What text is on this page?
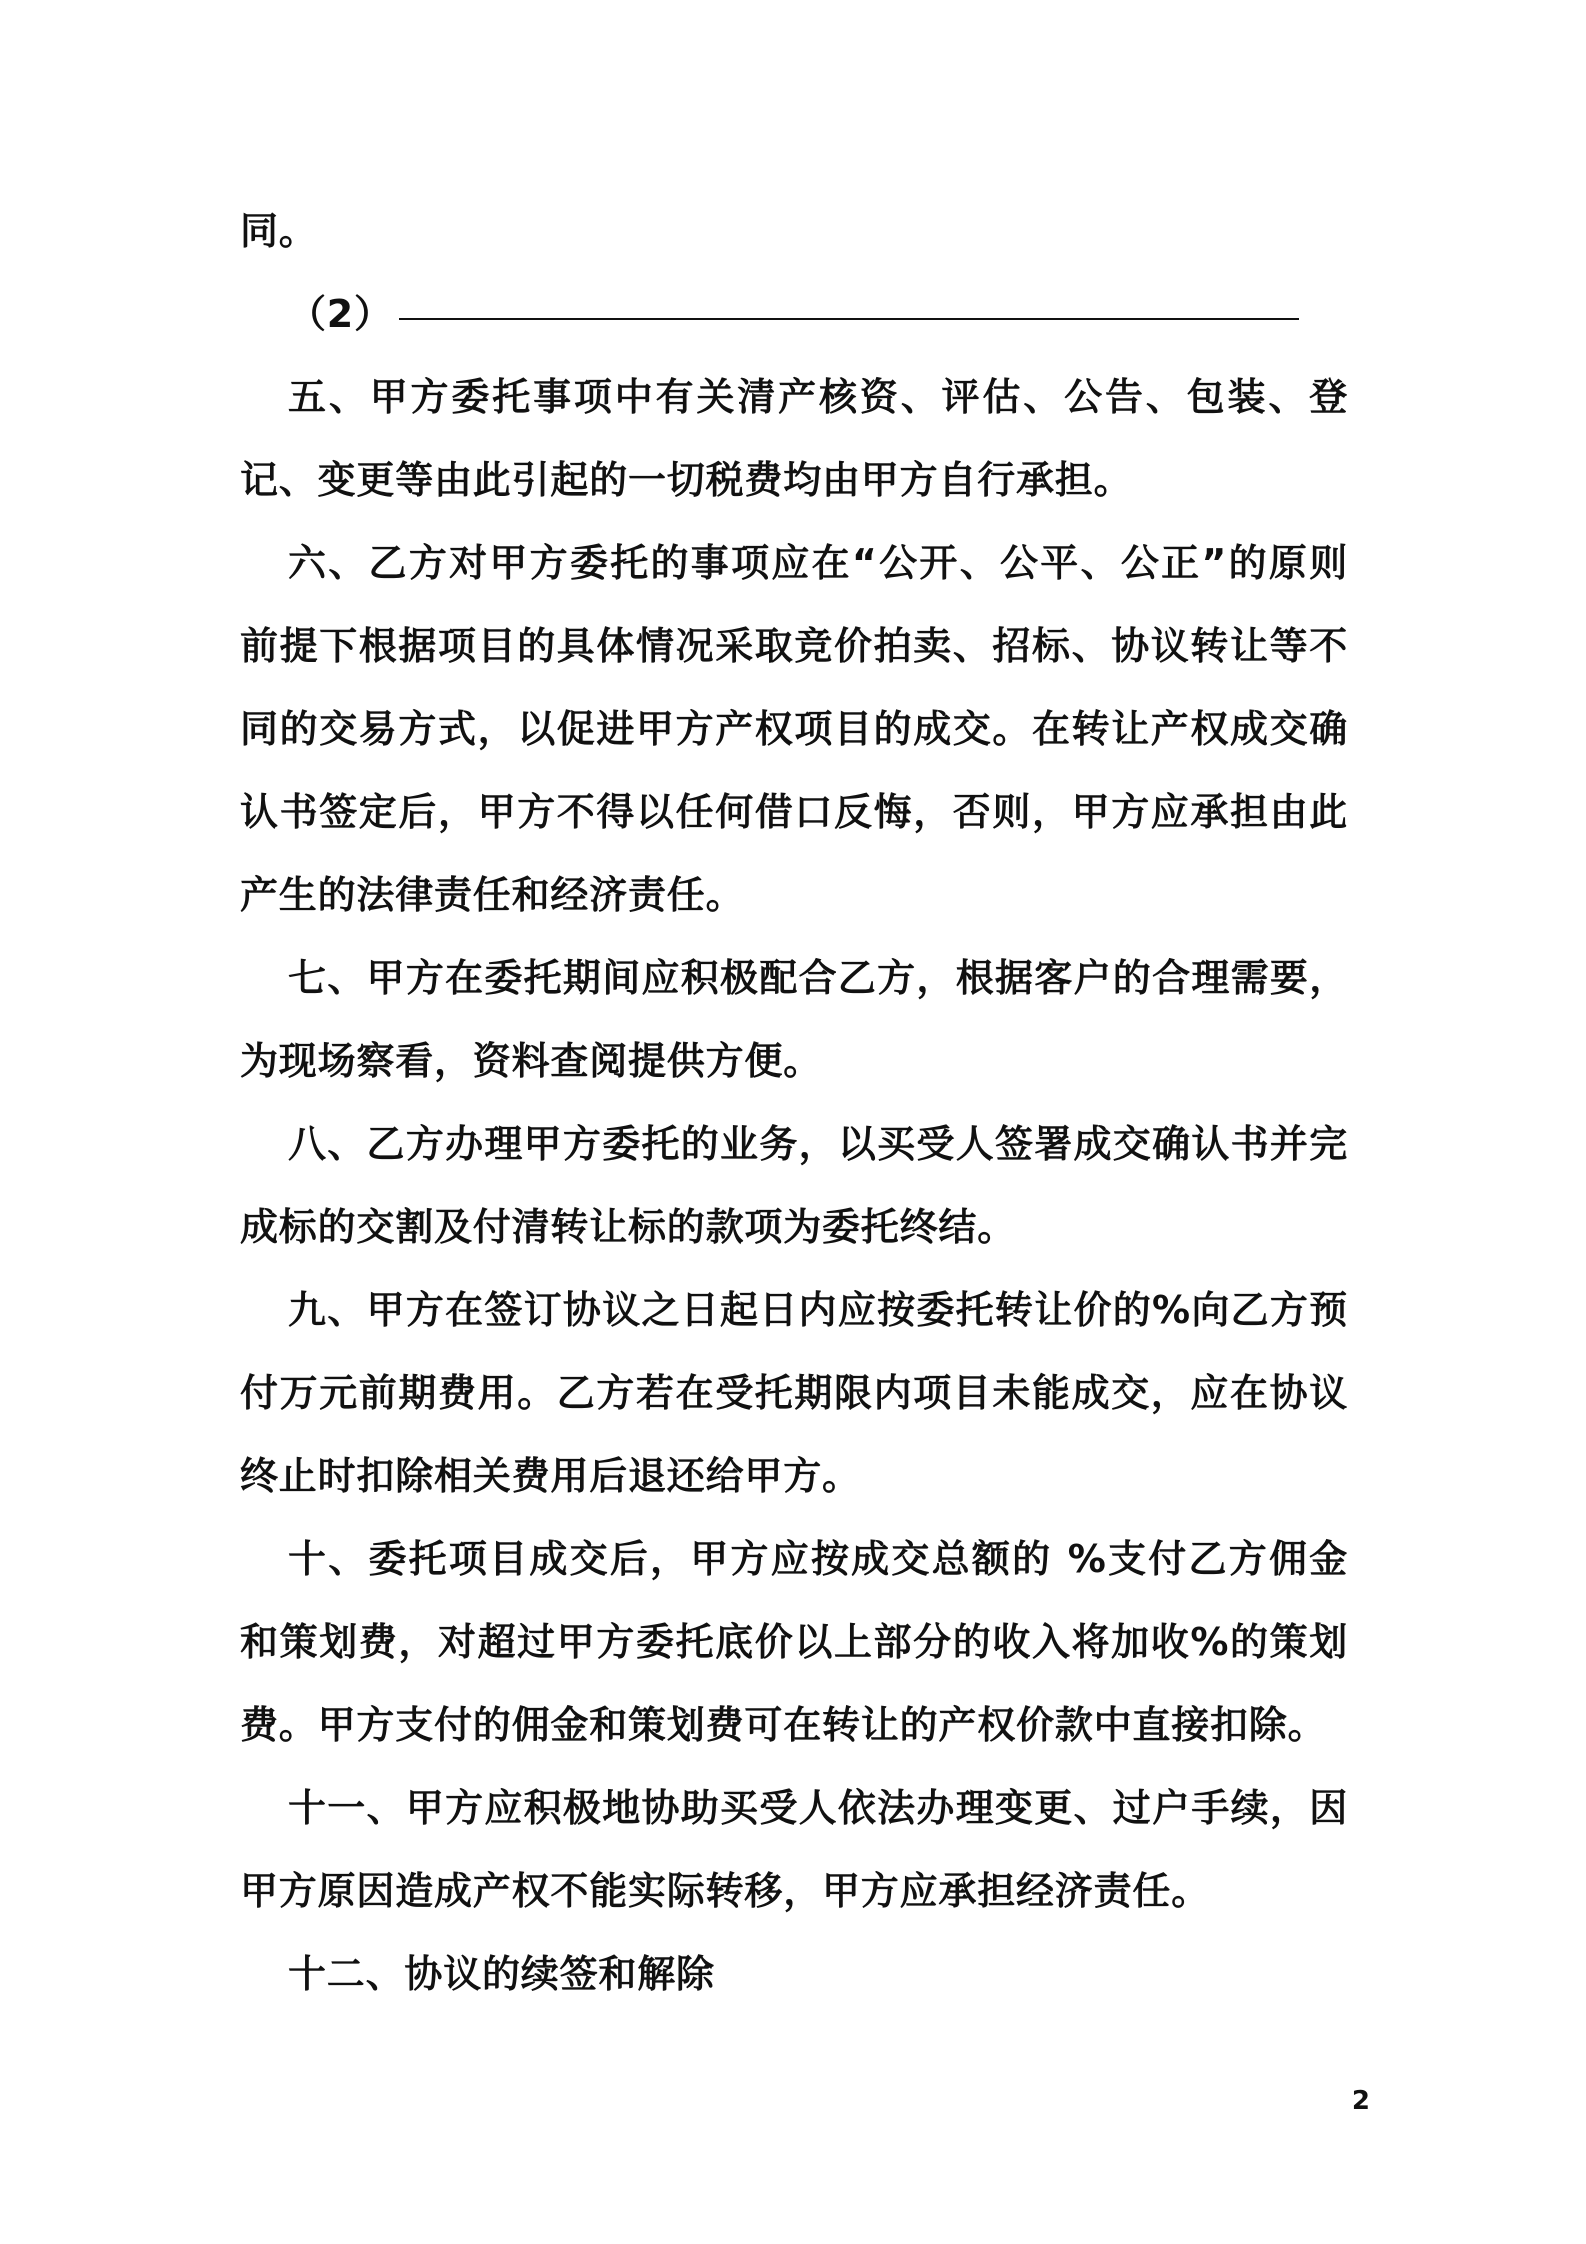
同。

（2）

五、甲方委托事项中有关清产核资、评估、公告、包装、登记、变更等由此引起的一切税费均由甲方自行承担。

六、乙方对甲方委托的事项应在“公开、公平、公正”的原则前提下根据项目的具体情况采取竞价拍卖、招标、协议转让等不同的交易方式，以促进甲方产权项目的成交。在转让产权成交确认书签定后，甲方不得以任何借口反悔，否则，甲方应承担由此产生的法律责任和经济责任。

七、甲方在委托期间应积极配合乙方，根据客户的合理需要，为现场察看，资料查阅提供方便。

八、乙方办理甲方委托的业务，以买受人签署成交确认书并完成标的交割及付清转让标的款项为委托终结。

九、甲方在签订协议之日起日内应按委托转让价的%向乙方预付万元前期费用。乙方若在受托期限内项目未能成交，应在协议终止时扣除相关费用后退还给甲方。

十、委托项目成交后，甲方应按成交总额的 %支付乙方佣金和策划费，对超过甲方委托底价以上部分的收入将加收%的策划费。甲方支付的佣金和策划费可在转让的产权价款中直接扣除。

十一、甲方应积极地协助买受人依法办理变更、过户手续，因甲方原因造成产权不能实际转移，甲方应承担经济责任。

十二、协议的续签和解除

2
